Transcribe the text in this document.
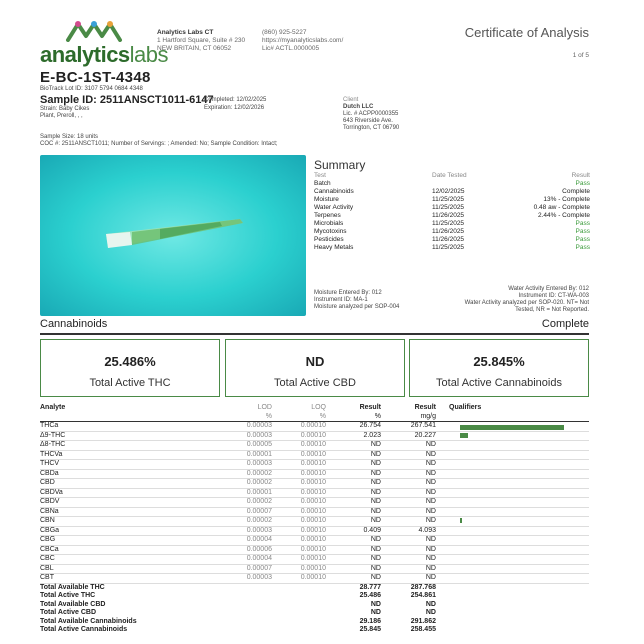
analyticslabs
Analytics Labs CT
1 Hartford Square, Suite # 230
NEW BRITAIN, CT 06052
(860) 925-5227
https://myanalyticslabs.com/
Lic# ACTL.0000005
Certificate of Analysis
1 of 5
E-BC-1ST-4348
BioTrack Lot ID: 3107 5794 0684 4348
Sample ID: 2511ANSCT1011-6147
Completed: 12/02/2025
Expiration: 12/02/2026
Strain: Baby Cikes
Plant, Preroll, , ,
Sample Size: 18 units
COC #: 2511ANSCT1011; Number of Servings: ; Amended: No; Sample Condition: Intact;
Client
Dutch LLC
Lic. # ACPP0000355
643 Riverside Ave.
Torrington, CT 06790
Summary
Test	Date Tested	Result
Batch		Pass
Cannabinoids	12/02/2025	Complete
Moisture	11/25/2025	13% - Complete
Water Activity	11/25/2025	0.48 aw - Complete
Terpenes	11/26/2025	2.44% - Complete
Microbials	11/25/2025	Pass
Mycotoxins	11/26/2025	Pass
Pesticides	11/26/2025	Pass
Heavy Metals	11/25/2025	Pass
Moisture Entered By: 012
Instrument ID: MA-1
Moisture analyzed per SOP-004
Water Activity Entered By: 012
Instrument ID: CT-WA-003
Water Activity analyzed per SOP-020. NT= Not
Tested, NR = Not Reported.
Cannabinoids	Complete
25.486%
Total Active THC
ND
Total Active CBD
25.845%
Total Active Cannabinoids
Analyte	LOD	LOQ	Result	Result	Qualifiers
	%	%	%	mg/g	
THCa	0.00003	0.00010	26.754	267.541	
Δ9-THC	0.00003	0.00010	2.023	20.227	
Δ8-THC	0.00005	0.00010	ND	ND	
THCVa	0.00001	0.00010	ND	ND	
THCV	0.00003	0.00010	ND	ND	
CBDa	0.00002	0.00010	ND	ND	
CBD	0.00002	0.00010	ND	ND	
CBDVa	0.00001	0.00010	ND	ND	
CBDV	0.00002	0.00010	ND	ND	
CBNa	0.00007	0.00010	ND	ND	
CBN	0.00002	0.00010	ND	ND	
CBGa	0.00003	0.00010	0.409	4.093	
CBG	0.00004	0.00010	ND	ND	
CBCa	0.00006	0.00010	ND	ND	
CBC	0.00004	0.00010	ND	ND	
CBL	0.00007	0.00010	ND	ND	
CBT	0.00003	0.00010	ND	ND	
Total Available THC			28.777	287.768	
Total Active THC			25.486	254.861	
Total Available CBD			ND	ND	
Total Active CBD			ND	ND	
Total Available Cannabinoids			29.186	291.862	
Total Active Cannabinoids			25.845	258.455	
